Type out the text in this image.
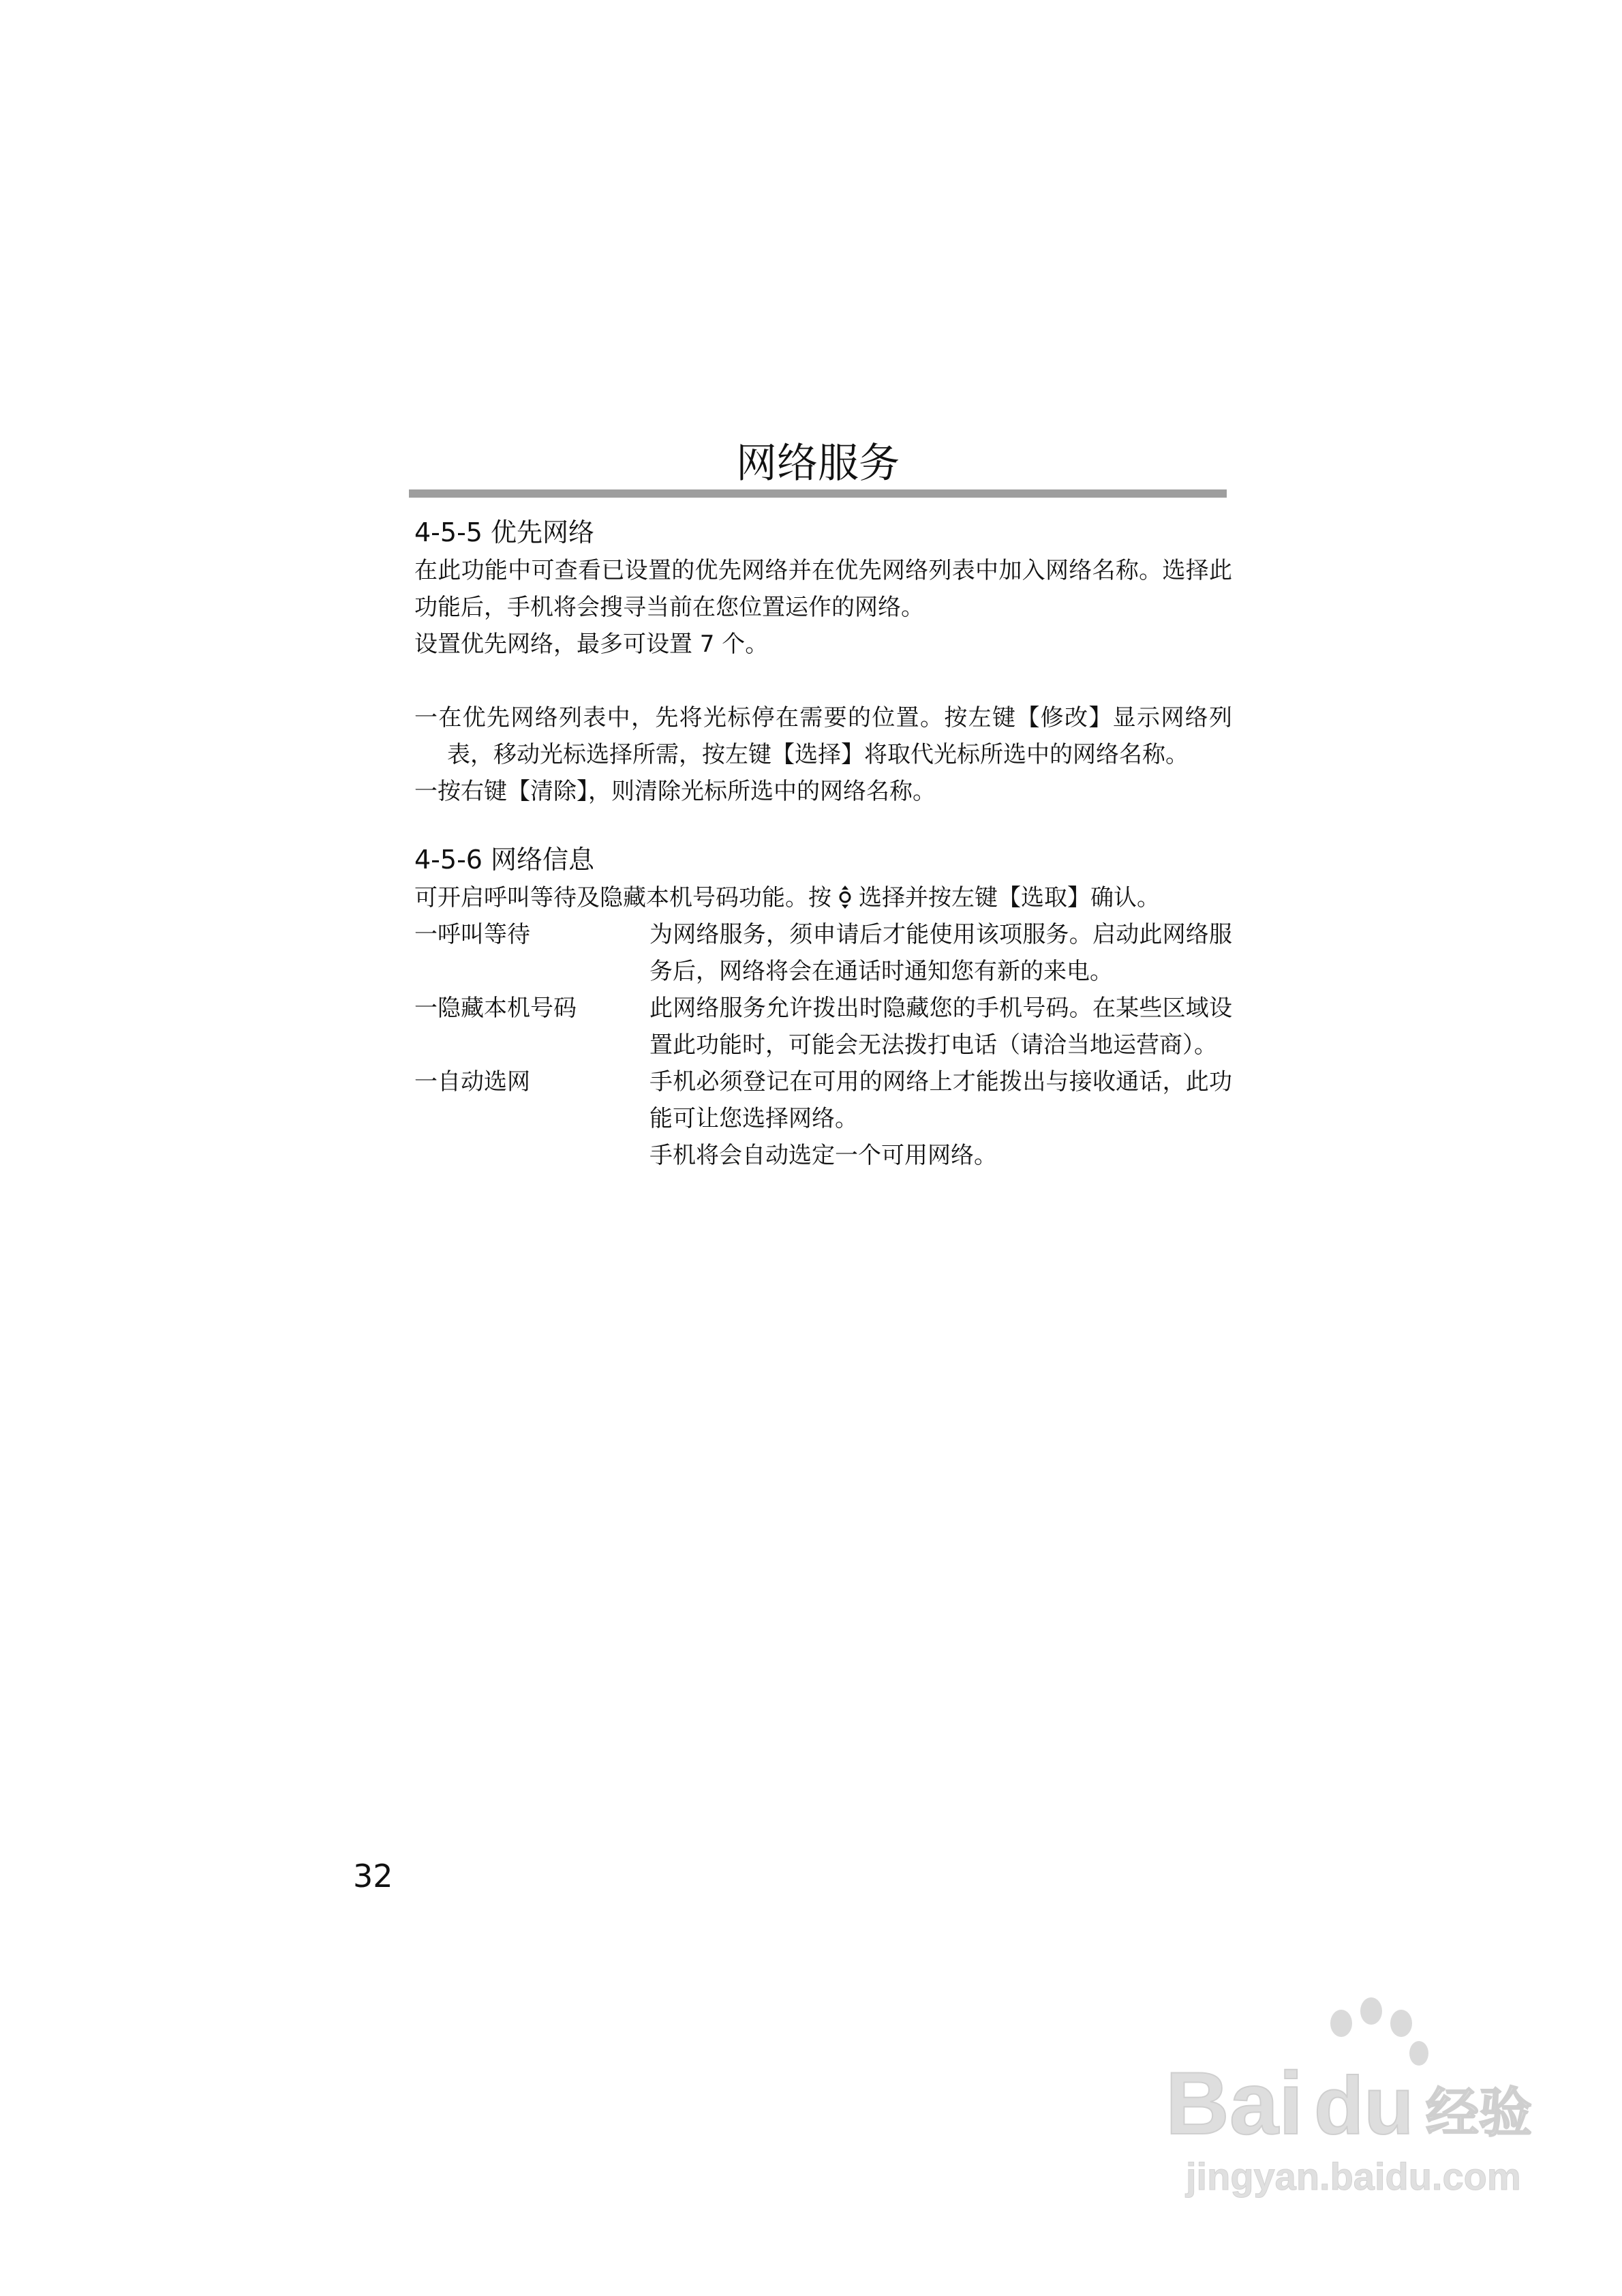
网络服务
4-5-5 优先网络
在此功能中可查看已设置的优先网络并在优先网络列表中加入网络名称。选择此功能后，手机将会搜寻当前在您位置运作的网络。
设置优先网络，最多可设置 7 个。
一在优先网络列表中，先将光标停在需要的位置。按左键【修改】显示网络列表，移动光标选择所需，按左键【选择】将取代光标所选中的网络名称。
一按右键【清除】，则清除光标所选中的网络名称。
4-5-6 网络信息
可开启呼叫等待及隐藏本机号码功能。按 选择并按左键【选取】确认。
一呼叫等待	为网络服务，须申请后才能使用该项服务。启动此网络服务后，网络将会在通话时通知您有新的来电。
一隐藏本机号码	此网络服务允许拨出时隐藏您的手机号码。在某些区域设置此功能时，可能会无法拨打电话（请洽当地运营商）。
一自动选网	手机必须登记在可用的网络上才能拨出与接收通话，此功能可让您选择网络。
手机将会自动选定一个可用网络。
32
Bai du 经验
jingyan.baidu.com
